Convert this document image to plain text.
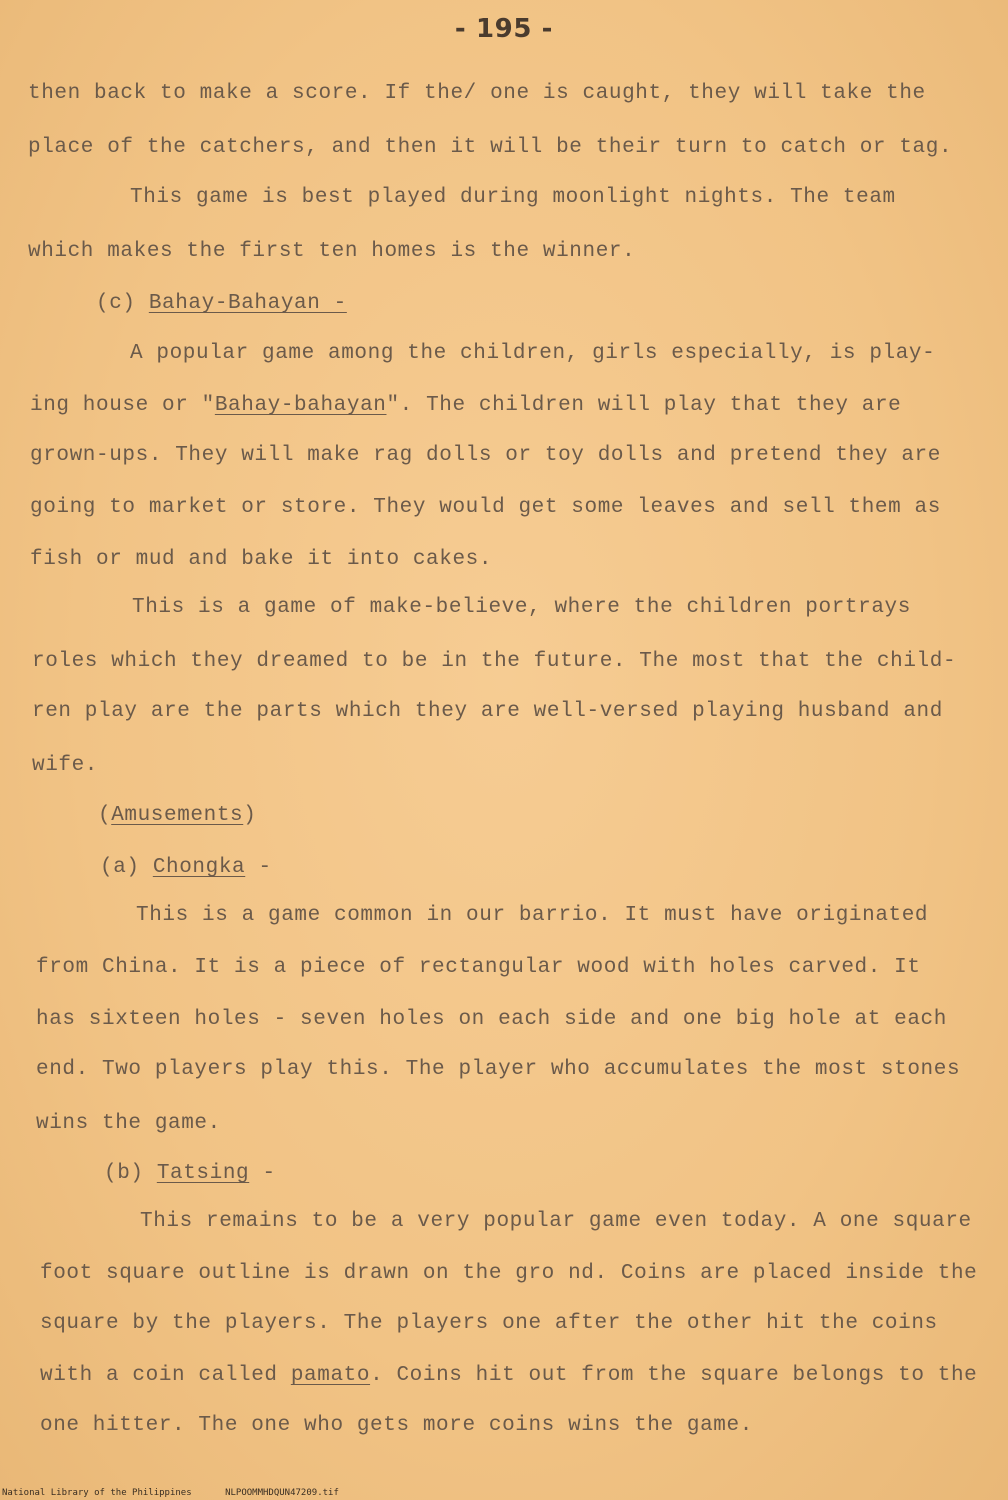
- 195 -
then back to make a score. If the/ one is caught, they will take the
place of the catchers, and then it will be their turn to catch or tag.
This game is best played during moonlight nights. The team
which makes the first ten homes is the winner.
(c) Bahay-Bahayan -
A popular game among the children, girls especially, is play-
ing house or "Bahay-bahayan". The children will play that they are
grown-ups. They will make rag dolls or toy dolls and pretend they are
going to market or store. They would get some leaves and sell them as
fish or mud and bake it into cakes.
This is a game of make-believe, where the children portrays
roles which they dreamed to be in the future. The most that the child-
ren play are the parts which they are well-versed playing husband and
wife.
(Amusements)
(a) Chongka -
This is a game common in our barrio. It must have originated
from China. It is a piece of rectangular wood with holes carved. It
has sixteen holes - seven holes on each side and one big hole at each
end. Two players play this. The player who accumulates the most stones
wins the game.
(b) Tatsing -
This remains to be a very popular game even today. A one square
foot square outline is drawn on the gro nd. Coins are placed inside the
square by the players. The players one after the other hit the coins
with a coin called pamato. Coins hit out from the square belongs to the
one hitter. The one who gets more coins wins the game.
National Library of the Philippines	NLPOOMMHDQUN47209.tif
